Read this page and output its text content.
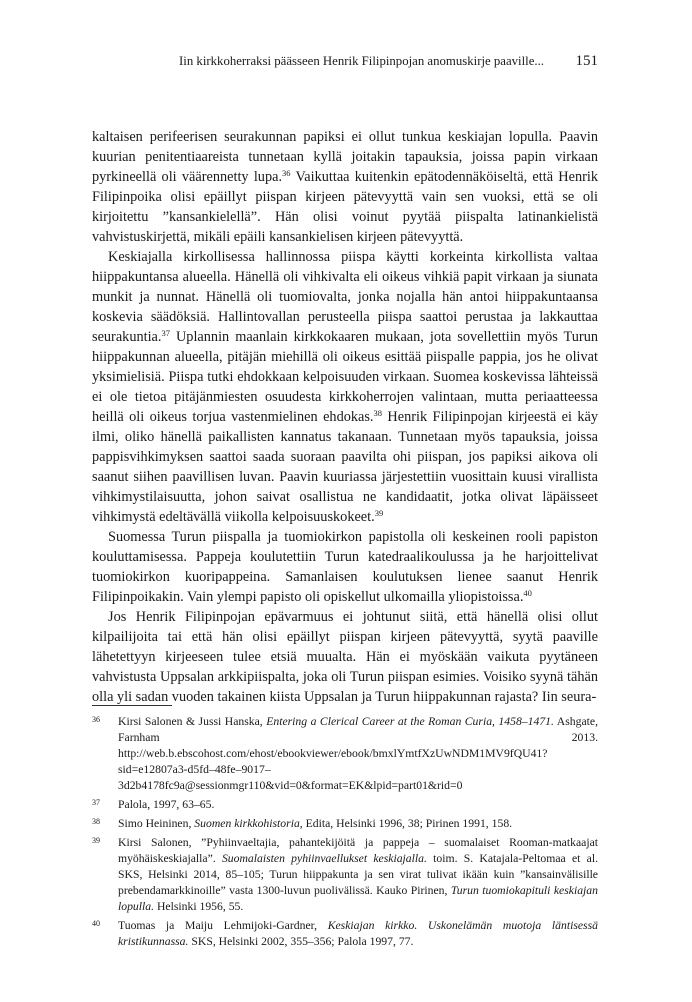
Iin kirkkoherraksi päässeen Henrik Filipinpojan anomuskirje paaville... 151

kaltaisen perifeerisen seurakunnan papiksi ei ollut tunkua keskiajan lopulla. Paavin kuurian penitentiaareista tunnetaan kyllä joitakin tapauksia, joissa papin virkaan pyrkineellä oli väärennetty lupa.$^{36}$ Vaikuttaa kuitenkin epätodennäköiseltä, että Henrik Filipinpoika olisi epäillyt piispan kirjeen pätevyyttä vain sen vuoksi, että se oli kirjoitettu ”kansankielellä”. Hän olisi voinut pyytää piispalta latinankielistä vahvistuskirjettä, mikäli epäili kansankielisen kirjeen pätevyyttä.

Keskiajalla kirkollisessa hallinnossa piispa käytti korkeinta kirkollista valtaa hiippakuntansa alueella. Hänellä oli vihkivalta eli oikeus vihkiä papit virkaan ja siunata munkit ja nunnat. Hänellä oli tuomiovalta, jonka nojalla hän antoi hiippakuntaansa koskevia säädöksiä. Hallintovallan perusteella piispa saattoi perustaa ja lakkauttaa seurakuntia.$^{37}$ Uplannin maanlain kirkkokaaren mukaan, jota sovellettiin myös Turun hiippakunnan alueella, pitäjän miehillä oli oikeus esittää piispalle pappia, jos he olivat yksimielisiä. Piispa tutki ehdokkaan kelpoisuuden virkaan. Suomea koskevissa lähteissä ei ole tietoa pitäjänmiesten osuudesta kirkkoherrojen valintaan, mutta periaatteessa heillä oli oikeus torjua vastenmielinen ehdokas.$^{38}$ Henrik Filipinpojan kirjeestä ei käy ilmi, oliko hänellä paikallisten kannatus takanaan. Tunnetaan myös tapauksia, joissa pappisvihkimyksen saattoi saada suoraan paavilta ohi piispan, jos papiksi aikova oli saanut siihen paavillisen luvan. Paavin kuuriassa järjestettiin vuosittain kuusi virallista vihkimystilaisuutta, johon saivat osallistua ne kandidaatit, jotka olivat läpäisseet vihkimystä edeltävällä viikolla kelpoisuuskokeet.$^{39}$

Suomessa Turun piispalla ja tuomiokirkon papistolla oli keskeinen rooli papiston kouluttamisessa. Pappeja koulutettiin Turun katedraalikoulussa ja he harjoittelivat tuomiokirkon kuoripappeina. Samanlaisen koulutuksen lienee saanut Henrik Filipinpoikakin. Vain ylempi papisto oli opiskellut ulkomailla yliopistoissa.$^{40}$

Jos Henrik Filipinpojan epävarmuus ei johtunut siitä, että hänellä olisi ollut kilpailijoita tai että hän olisi epäillyt piispan kirjeen pätevyyttä, syytä paaville lähetettyyn kirjeeseen tulee etsiä muualta. Hän ei myöskään vaikuta pyytäneen vahvistusta Uppsalan arkkipiispalta, joka oli Turun piispan esimies. Voisiko syynä tähän olla yli sadan vuoden takainen kiista Uppsalan ja Turun hiippakunnan rajasta? Iin seura-

36 Kirsi Salonen & Jussi Hanska, Entering a Clerical Career at the Roman Curia, 1458–1471. Ashgate, Farnham 2013. http://web.b.ebscohost.com/ehost/ebookviewer/ebook/bmxlYmtfXzUwNDM1MV9fQU41?sid=e12807a3-d5fd–48fe–9017–3d2b4178fc9a@sessionmgr110&vid=0&format=EK&lpid=part01&rid=0
37 Palola, 1997, 63–65.
38 Simo Heininen, Suomen kirkkohistoria, Edita, Helsinki 1996, 38; Pirinen 1991, 158.
39 Kirsi Salonen, ”Pyhiinvaeltajia, pahantekijöitä ja pappeja – suomalaiset Rooman-matkaajat myöhäiskeskiajalla”. Suomalaisten pyhiinvaellukset keskiajalla. toim. S. Katajala-Peltomaa et al. SKS, Helsinki 2014, 85–105; Turun hiippakunta ja sen virat tulivat ikään kuin ”kansainvälisille prebendamarkkinoille” vasta 1300-luvun puolivälissä. Kauko Pirinen, Turun tuomiokapituli keskiajan lopulla. Helsinki 1956, 55.
40 Tuomas ja Maiju Lehmijoki-Gardner, Keskiajan kirkko. Uskonelämän muotoja läntisessä kristikunnassa. SKS, Helsinki 2002, 355–356; Palola 1997, 77.
